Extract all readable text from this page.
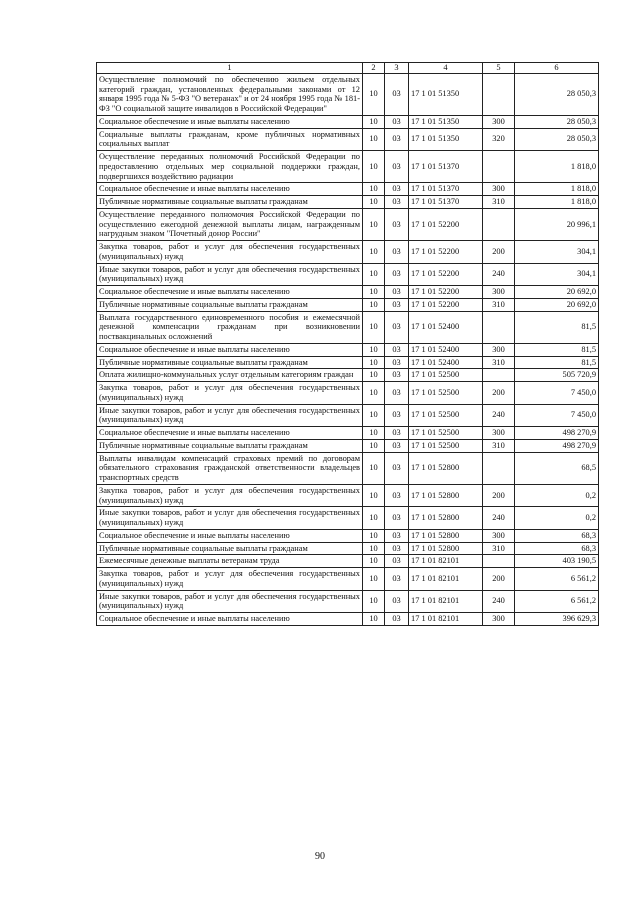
1	2	3	4	5	6
Осуществление полномочий по обеспечению жильем отдельных категорий граждан, установленных федеральными законами от 12 января 1995 года № 5-ФЗ "О ветеранах" и от 24 ноября 1995 года № 181-ФЗ "О социальной защите инвалидов в Российской Федерации"	10	03	17 1 01 51350		28 050,3
Социальное обеспечение и иные выплаты населению	10	03	17 1 01 51350	300	28 050,3
Социальные выплаты гражданам, кроме публичных нормативных социальных выплат	10	03	17 1 01 51350	320	28 050,3
Осуществление переданных полномочий Российской Федерации по предоставлению отдельных мер социальной поддержки граждан, подвергшихся воздействию радиации	10	03	17 1 01 51370		1 818,0
Социальное обеспечение и иные выплаты населению	10	03	17 1 01 51370	300	1 818,0
Публичные нормативные социальные выплаты гражданам	10	03	17 1 01 51370	310	1 818,0
Осуществление переданного полномочия Российской Федерации по осуществлению ежегодной денежной выплаты лицам, награжденным нагрудным знаком "Почетный донор России"	10	03	17 1 01 52200		20 996,1
Закупка товаров, работ и услуг для обеспечения государственных (муниципальных) нужд	10	03	17 1 01 52200	200	304,1
Иные закупки товаров, работ и услуг для обеспечения государственных (муниципальных) нужд	10	03	17 1 01 52200	240	304,1
Социальное обеспечение и иные выплаты населению	10	03	17 1 01 52200	300	20 692,0
Публичные нормативные социальные выплаты гражданам	10	03	17 1 01 52200	310	20 692,0
Выплата государственного единовременного пособия и ежемесячной денежной компенсации гражданам при возникновении поствакцинальных осложнений	10	03	17 1 01 52400		81,5
Социальное обеспечение и иные выплаты населению	10	03	17 1 01 52400	300	81,5
Публичные нормативные социальные выплаты гражданам	10	03	17 1 01 52400	310	81,5
Оплата жилищно-коммунальных услуг отдельным категориям граждан	10	03	17 1 01 52500		505 720,9
Закупка товаров, работ и услуг для обеспечения государственных (муниципальных) нужд	10	03	17 1 01 52500	200	7 450,0
Иные закупки товаров, работ и услуг для обеспечения государственных (муниципальных) нужд	10	03	17 1 01 52500	240	7 450,0
Социальное обеспечение и иные выплаты населению	10	03	17 1 01 52500	300	498 270,9
Публичные нормативные социальные выплаты гражданам	10	03	17 1 01 52500	310	498 270,9
Выплаты инвалидам компенсаций страховых премий по договорам обязательного страхования гражданской ответственности владельцев транспортных средств	10	03	17 1 01 52800		68,5
Закупка товаров, работ и услуг для обеспечения государственных (муниципальных) нужд	10	03	17 1 01 52800	200	0,2
Иные закупки товаров, работ и услуг для обеспечения государственных (муниципальных) нужд	10	03	17 1 01 52800	240	0,2
Социальное обеспечение и иные выплаты населению	10	03	17 1 01 52800	300	68,3
Публичные нормативные социальные выплаты гражданам	10	03	17 1 01 52800	310	68,3
Ежемесячные денежные выплаты ветеранам труда	10	03	17 1 01 82101		403 190,5
Закупка товаров, работ и услуг для обеспечения государственных (муниципальных) нужд	10	03	17 1 01 82101	200	6 561,2
Иные закупки товаров, работ и услуг для обеспечения государственных (муниципальных) нужд	10	03	17 1 01 82101	240	6 561,2
Социальное обеспечение и иные выплаты населению	10	03	17 1 01 82101	300	396 629,3
90
